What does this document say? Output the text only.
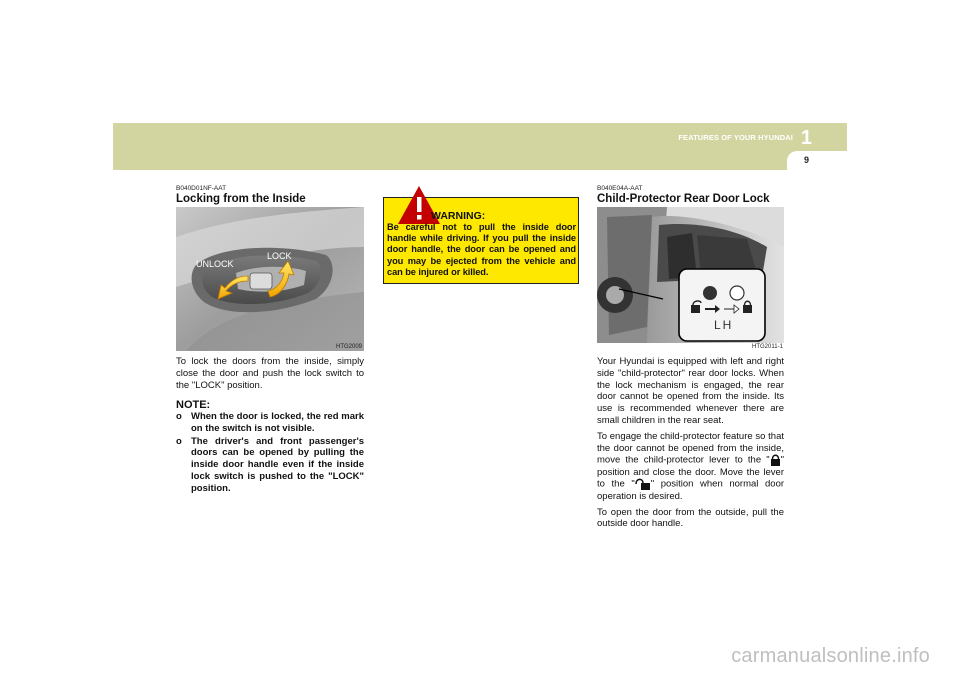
FEATURES OF YOUR HYUNDAI 1
9
B040D01NF-AAT
Locking from the Inside
UNLOCK
LOCK
HTG2009
To lock the doors from the inside, simply close the door and push the lock switch to the "LOCK" position.
NOTE:
o When the door is locked, the red mark on the switch is not visible.
o The driver's and front passenger's doors can be opened by pulling the inside door handle even if the inside lock switch is pushed to the "LOCK" position.
WARNING:
Be careful not to pull the inside door handle while driving. If you pull the inside door handle, the door can be opened and you may be ejected from the vehicle and can be injured or killed.
B040E04A-AAT
Child-Protector Rear Door Lock
LH
HTG2011-1

Your Hyundai is equipped with left and right side "child-protector" rear door locks. When the lock mechanism is engaged, the rear door cannot be opened from the inside. Its use is recommended whenever there are small children in the rear seat.

To engage the child-protector feature so that the door cannot be opened from the inside, move the child-protector lever to the " " position and close the door. Move the lever to the " " position when normal door operation is desired.

To open the door from the outside, pull the outside door handle.

carmanualsonline.info
